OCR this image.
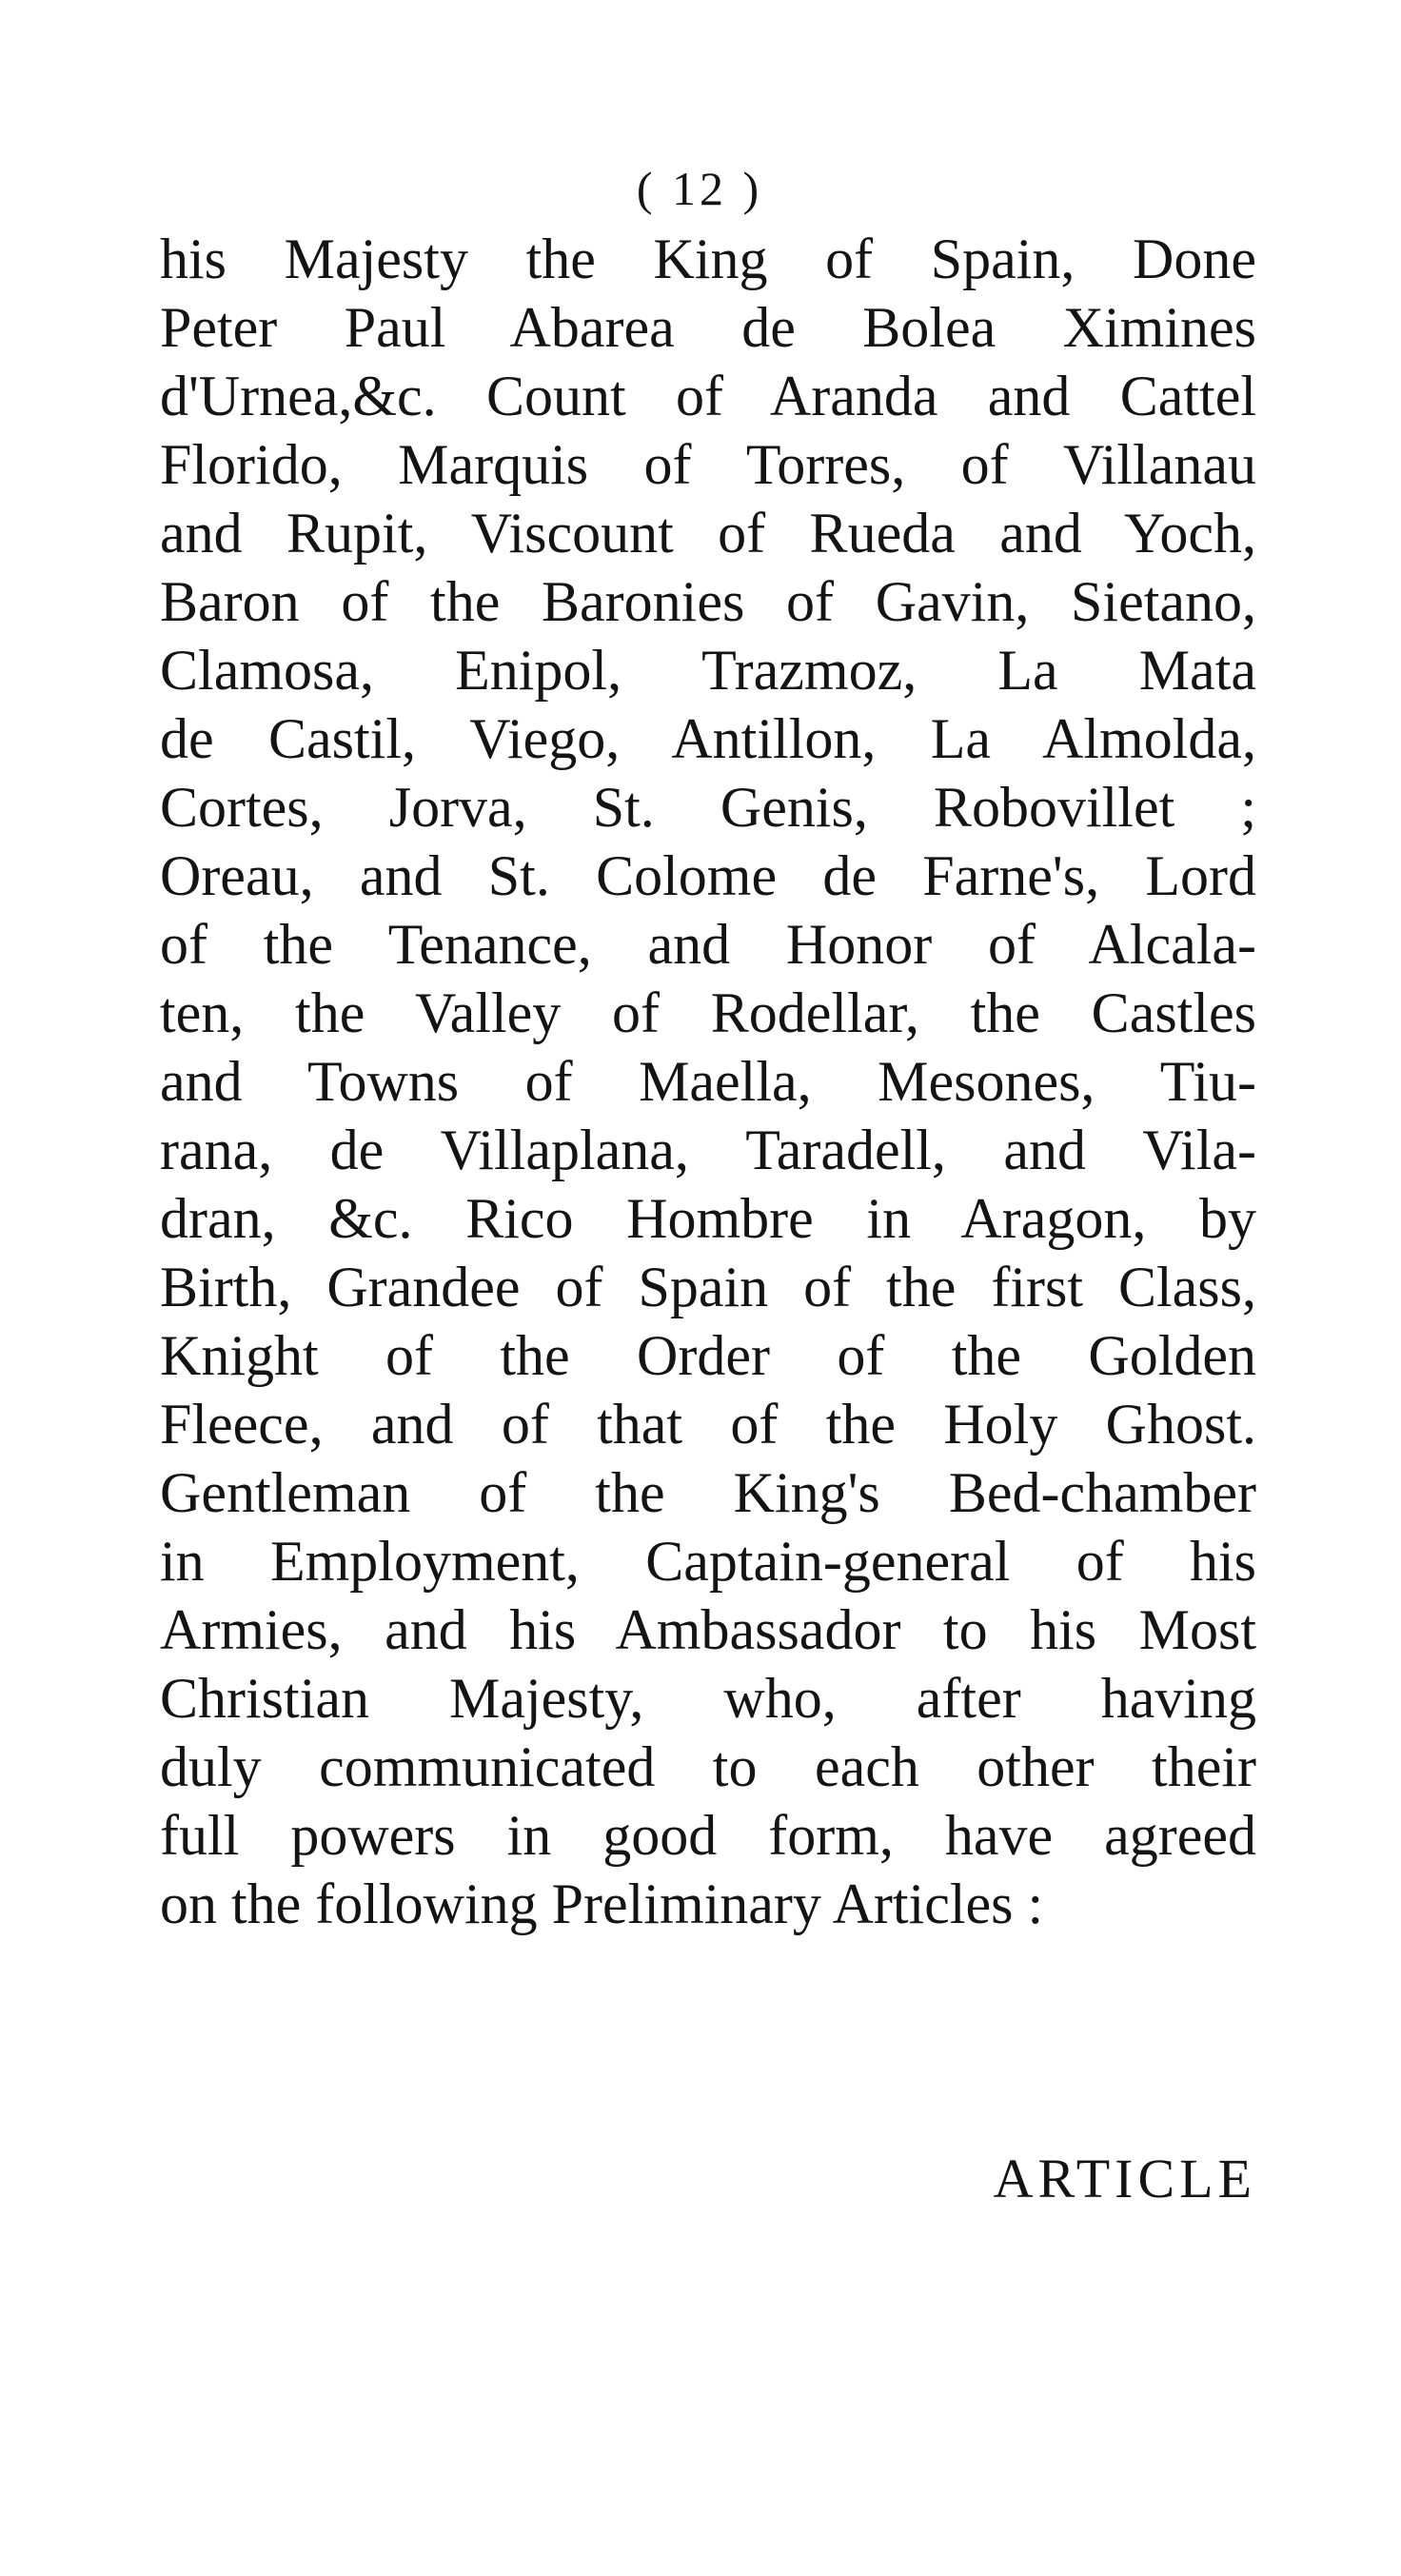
( 12 )
his Majesty the King of Spain, Done
Peter Paul Abarea de Bolea Ximines
d'Urnea,&c. Count of Aranda and Cattel
Florido, Marquis of Torres, of Villanau
and Rupit, Viscount of Rueda and Yoch,
Baron of the Baronies of Gavin, Sietano,
Clamosa, Enipol, Trazmoz, La Mata
de Castil, Viego, Antillon, La Almolda,
Cortes, Jorva, St. Genis, Robovillet ;
Oreau, and St. Colome de Farne's, Lord
of the Tenance, and Honor of Alcala-
ten, the Valley of Rodellar, the Castles
and Towns of Maella, Mesones, Tiu-
rana, de Villaplana, Taradell, and Vila-
dran, &c. Rico Hombre in Aragon, by
Birth, Grandee of Spain of the first Class,
Knight of the Order of the Golden
Fleece, and of that of the Holy Ghost.
Gentleman of the King's Bed-chamber
in Employment, Captain-general of his
Armies, and his Ambassador to his Most
Christian Majesty, who, after having
duly communicated to each other their
full powers in good form, have agreed
on the following Preliminary Articles :
ARTICLE
